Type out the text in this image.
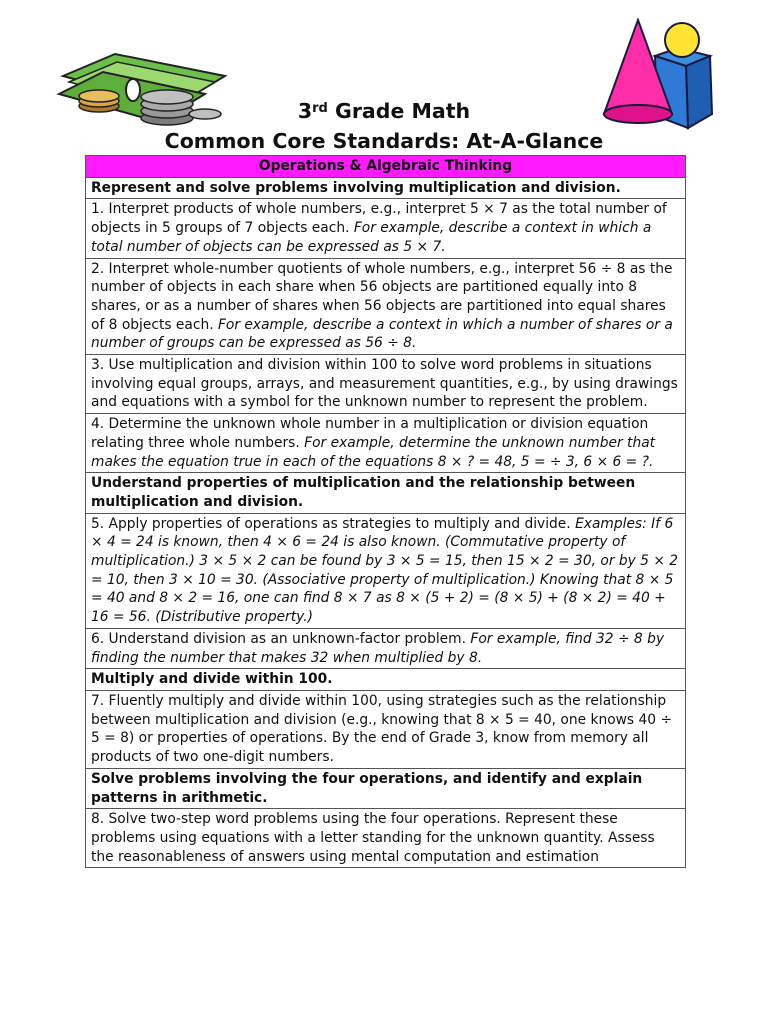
3rd Grade Math
Common Core Standards: At-A-Glance
Operations & Algebraic Thinking
Represent and solve problems involving multiplication and division.
1. Interpret products of whole numbers, e.g., interpret 5 × 7 as the total number of objects in 5 groups of 7 objects each. For example, describe a context in which a total number of objects can be expressed as 5 × 7.
2. Interpret whole-number quotients of whole numbers, e.g., interpret 56 ÷ 8 as the number of objects in each share when 56 objects are partitioned equally into 8 shares, or as a number of shares when 56 objects are partitioned into equal shares of 8 objects each. For example, describe a context in which a number of shares or a number of groups can be expressed as 56 ÷ 8.
3. Use multiplication and division within 100 to solve word problems in situations involving equal groups, arrays, and measurement quantities, e.g., by using drawings and equations with a symbol for the unknown number to represent the problem.
4. Determine the unknown whole number in a multiplication or division equation relating three whole numbers. For example, determine the unknown number that makes the equation true in each of the equations 8 × ? = 48, 5 = ÷ 3, 6 × 6 = ?.
Understand properties of multiplication and the relationship between multiplication and division.
5. Apply properties of operations as strategies to multiply and divide. Examples: If 6 × 4 = 24 is known, then 4 × 6 = 24 is also known. (Commutative property of multiplication.) 3 × 5 × 2 can be found by 3 × 5 = 15, then 15 × 2 = 30, or by 5 × 2 = 10, then 3 × 10 = 30. (Associative property of multiplication.) Knowing that 8 × 5 = 40 and 8 × 2 = 16, one can find 8 × 7 as 8 × (5 + 2) = (8 × 5) + (8 × 2) = 40 + 16 = 56. (Distributive property.)
6. Understand division as an unknown-factor problem. For example, find 32 ÷ 8 by finding the number that makes 32 when multiplied by 8.
Multiply and divide within 100.
7. Fluently multiply and divide within 100, using strategies such as the relationship between multiplication and division (e.g., knowing that 8 × 5 = 40, one knows 40 ÷ 5 = 8) or properties of operations. By the end of Grade 3, know from memory all products of two one-digit numbers.
Solve problems involving the four operations, and identify and explain patterns in arithmetic.
8. Solve two-step word problems using the four operations. Represent these problems using equations with a letter standing for the unknown quantity. Assess the reasonableness of answers using mental computation and estimation
